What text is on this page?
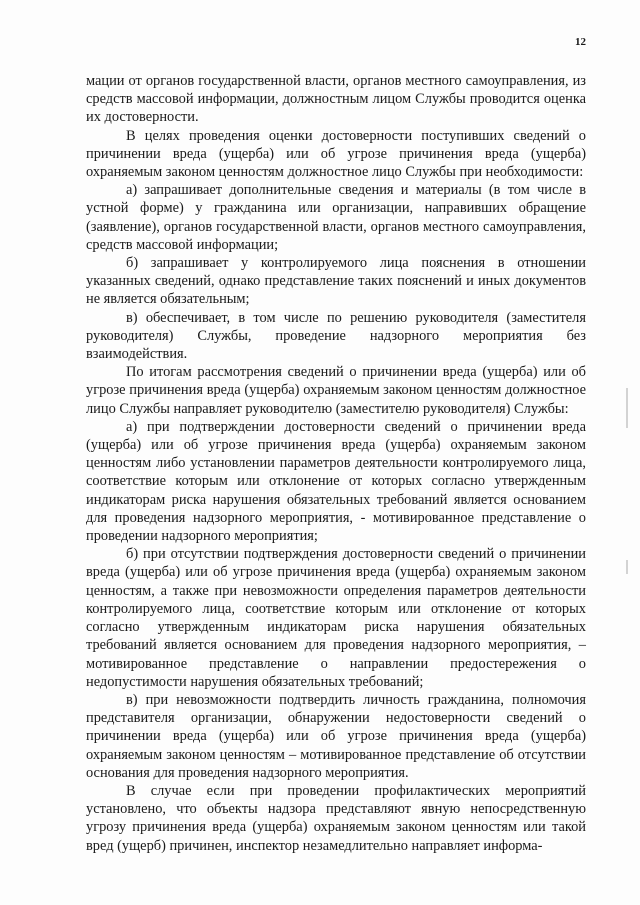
12

мации от органов государственной власти, органов местного самоуправления, из средств массовой информации, должностным лицом Службы проводится оценка их достоверности.

В целях проведения оценки достоверности поступивших сведений о причинении вреда (ущерба) или об угрозе причинения вреда (ущерба) охраняемым законом ценностям должностное лицо Службы при необходимости:

а) запрашивает дополнительные сведения и материалы (в том числе в устной форме) у гражданина или организации, направивших обращение (заявление), органов государственной власти, органов местного самоуправления, средств массовой информации;

б) запрашивает у контролируемого лица пояснения в отношении указанных сведений, однако представление таких пояснений и иных документов не является обязательным;

в) обеспечивает, в том числе по решению руководителя (заместителя руководителя) Службы, проведение надзорного мероприятия без взаимодействия.

По итогам рассмотрения сведений о причинении вреда (ущерба) или об угрозе причинения вреда (ущерба) охраняемым законом ценностям должностное лицо Службы направляет руководителю (заместителю руководителя) Службы:

а) при подтверждении достоверности сведений о причинении вреда (ущерба) или об угрозе причинения вреда (ущерба) охраняемым законом ценностям либо установлении параметров деятельности контролируемого лица, соответствие которым или отклонение от которых согласно утвержденным индикаторам риска нарушения обязательных требований является основанием для проведения надзорного мероприятия, - мотивированное представление о проведении надзорного мероприятия;

б) при отсутствии подтверждения достоверности сведений о причинении вреда (ущерба) или об угрозе причинения вреда (ущерба) охраняемым законом ценностям, а также при невозможности определения параметров деятельности контролируемого лица, соответствие которым или отклонение от которых согласно утвержденным индикаторам риска нарушения обязательных требований является основанием для проведения надзорного мероприятия, – мотивированное представление о направлении предостережения о недопустимости нарушения обязательных требований;

в) при невозможности подтвердить личность гражданина, полномочия представителя организации, обнаружении недостоверности сведений о причинении вреда (ущерба) или об угрозе причинения вреда (ущерба) охраняемым законом ценностям – мотивированное представление об отсутствии основания для проведения надзорного мероприятия.

В случае если при проведении профилактических мероприятий установлено, что объекты надзора представляют явную непосредственную угрозу причинения вреда (ущерба) охраняемым законом ценностям или такой вред (ущерб) причинен, инспектор незамедлительно направляет информа-
